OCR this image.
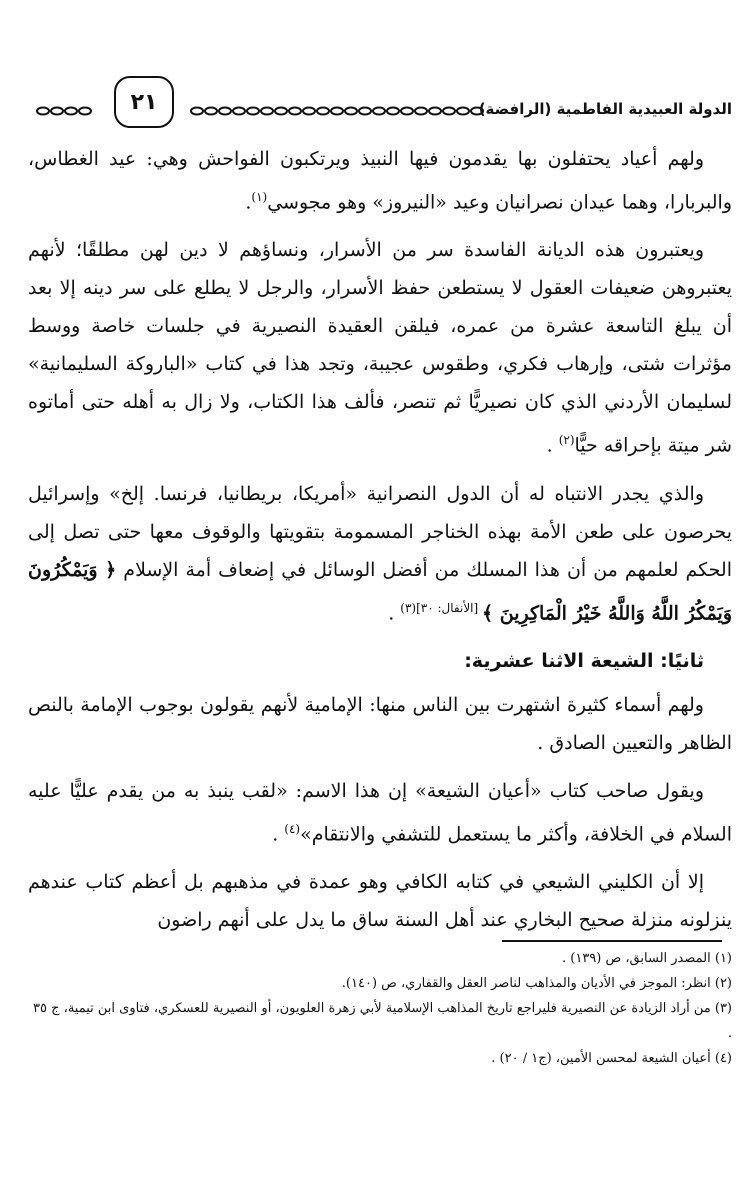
٢١	الدولة العبيدية الفاطمية (الرافضة)

ولهم أعياد يحتفلون بها يقدمون فيها النبيذ ويرتكبون الفواحش وهي: عيد الغطاس، والبربارا، وهما عيدان نصرانيان وعيد «النيروز» وهو مجوسي$^{(١)}$.

ويعتبرون هذه الديانة الفاسدة سر من الأسرار، ونساؤهم لا دين لهن مطلقًا؛ لأنهم يعتبروهن ضعيفات العقول لا يستطعن حفظ الأسرار، والرجل لا يطلع على سر دينه إلا بعد أن يبلغ التاسعة عشرة من عمره، فيلقن العقيدة النصيرية في جلسات خاصة ووسط مؤثرات شتى، وإرهاب فكري، وطقوس عجيبة، وتجد هذا في كتاب «الباروكة السليمانية» لسليمان الأردني الذي كان نصيريًّا ثم تنصر، فألف هذا الكتاب، ولا زال به أهله حتى أماتوه شر ميتة بإحراقه حيًّا$^{(٢)}$ .

والذي يجدر الانتباه له أن الدول النصرانية «أمريكا، بريطانيا، فرنسا. إلخ» وإسرائيل يحرصون على طعن الأمة بهذه الخناجر المسمومة بتقويتها والوقوف معها حتى تصل إلى الحكم لعلمهم من أن هذا المسلك من أفضل الوسائل في إضعاف أمة الإسلام ﴿ وَيَمْكُرُونَ وَيَمْكُرُ اللَّهُ وَاللَّهُ خَيْرُ الْمَاكِرِينَ ﴾ $^{[الأنفال: ٣٠](٣)}$ .

ثانيًا: الشيعة الاثنا عشرية:

ولهم أسماء كثيرة اشتهرت بين الناس منها: الإمامية لأنهم يقولون بوجوب الإمامة بالنص الظاهر والتعيين الصادق .

ويقول صاحب كتاب «أعيان الشيعة» إن هذا الاسم: «لقب ينبذ به من يقدم عليًّا عليه السلام في الخلافة، وأكثر ما يستعمل للتشفي والانتقام»$^{(٤)}$ .

إلا أن الكليني الشيعي في كتابه الكافي وهو عمدة في مذهبهم بل أعظم كتاب عندهم ينزلونه منزلة صحيح البخاري عند أهل السنة ساق ما يدل على أنهم راضون

(١) المصدر السابق، ص (١٣٩) .

(٢) انظر: الموجز في الأديان والمذاهب لناصر العقل والقفاري، ص (١٤٠).

(٣) من أراد الزيادة عن النصيرية فليراجع تاريخ المذاهب الإسلامية لأبي زهرة العلويون، أو النصيرية للعسكري، فتاوى ابن تيمية، ج ٣٥ .

(٤) أعيان الشيعة لمحسن الأمين، (ج١ / ٢٠) .
